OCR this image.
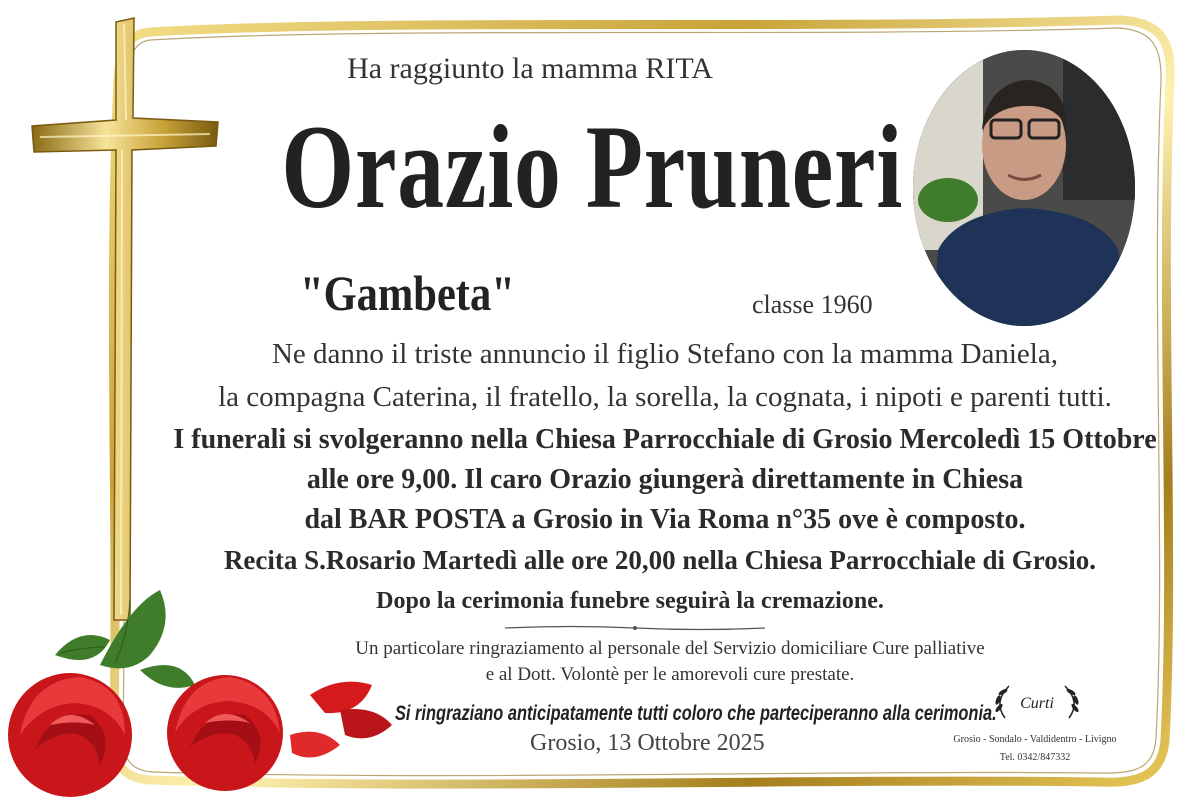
Ha raggiunto la mamma RITA
Orazio Pruneri
"Gambeta"	classe 1960
Ne danno il triste annuncio il figlio Stefano con la mamma Daniela,
la compagna Caterina, il fratello, la sorella, la cognata, i nipoti e parenti tutti.
I funerali si svolgeranno nella Chiesa Parrocchiale di Grosio Mercoledì 15 Ottobre
alle ore 9,00. Il caro Orazio giungerà direttamente in Chiesa
dal BAR POSTA a Grosio in Via Roma n°35 ove è composto.
Recita S.Rosario Martedì alle ore 20,00 nella Chiesa Parrocchiale di Grosio.
Dopo la cerimonia funebre seguirà la cremazione.
Un particolare ringraziamento al personale del Servizio domiciliare Cure palliative
e al Dott. Volontè per le amorevoli cure prestate.
Si ringraziano anticipatamente tutti coloro che parteciperanno alla cerimonia.
Grosio, 13 Ottobre 2025
Curti
Grosio - Sondalo - Valdidentro - Livigno
Tel. 0342/847332
